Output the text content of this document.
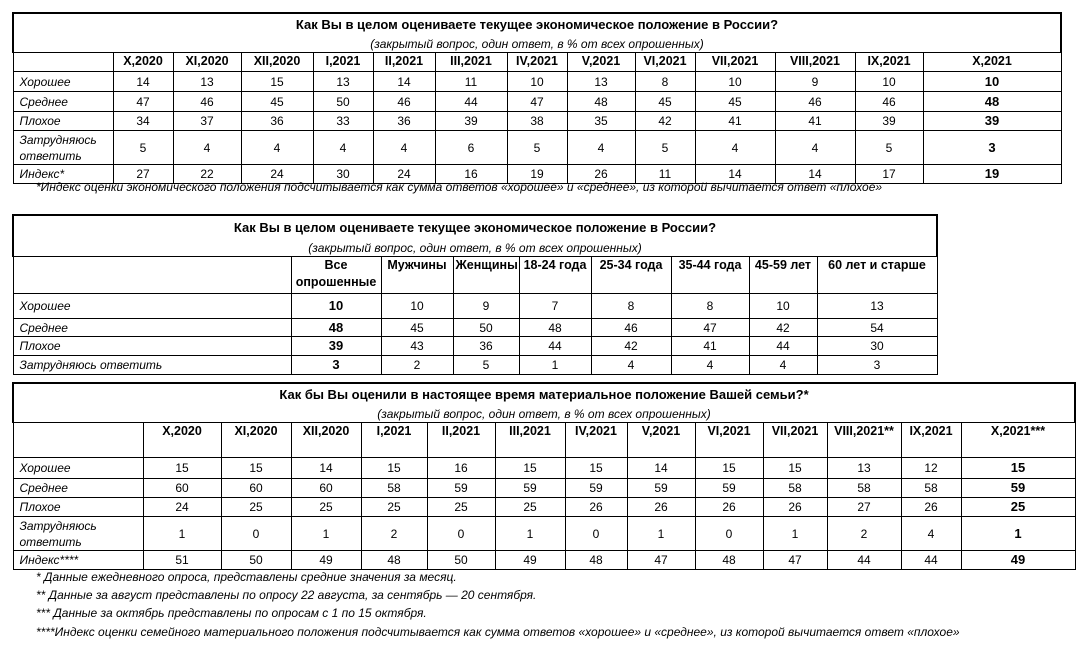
Как Вы в целом оцениваете текущее экономическое положение в России?													
(закрытый вопрос, один ответ, в % от всех опрошенных)													
	X,2020	XI,2020	XII,2020	I,2021	II,2021	III,2021	IV,2021	V,2021	VI,2021	VII,2021	VIII,2021	IX,2021	X,2021
Хорошее	14	13	15	13	14	11	10	13	8	10	9	10	10
Среднее	47	46	45	50	46	44	47	48	45	45	46	46	48
Плохое	34	37	36	33	36	39	38	35	42	41	41	39	39
Затрудняюсь ответить	5	4	4	4	4	6	5	4	5	4	4	5	3
Индекс*	27	22	24	30	24	16	19	26	11	14	14	17	19
*Индекс оценки экономического положения подсчитывается как сумма ответов «хорошее» и «среднее», из которой вычитается ответ «плохое»
Как Вы в целом оцениваете текущее экономическое положение в России?								
(закрытый вопрос, один ответ, в % от всех опрошенных)								
	Все опрошенные	Мужчины	Женщины	18-24 года	25-34 года	35-44 года	45-59 лет	60 лет и старше
Хорошее	10	10	9	7	8	8	10	13
Среднее	48	45	50	48	46	47	42	54
Плохое	39	43	36	44	42	41	44	30
Затрудняюсь ответить	3	2	5	1	4	4	4	3
Как бы Вы оценили в настоящее время материальное положение Вашей семьи?*													
(закрытый вопрос, один ответ, в % от всех опрошенных)													
	X,2020	XI,2020	XII,2020	I,2021	II,2021	III,2021	IV,2021	V,2021	VI,2021	VII,2021	VIII,2021**	IX,2021	X,2021***
Хорошее	15	15	14	15	16	15	15	14	15	15	13	12	15
Среднее	60	60	60	58	59	59	59	59	59	58	58	58	59
Плохое	24	25	25	25	25	25	26	26	26	26	27	26	25
Затрудняюсь ответить	1	0	1	2	0	1	0	1	0	1	2	4	1
Индекс****	51	50	49	48	50	49	48	47	48	47	44	44	49
* Данные ежедневного опроса, представлены средние значения за месяц.
** Данные за август представлены по опросу 22 августа, за сентябрь — 20 сентября.
*** Данные за октябрь представлены по опросам с 1 по 15 октября.
****Индекс оценки семейного материального положения подсчитывается как сумма ответов «хорошее» и «среднее», из которой вычитается ответ «плохое»
